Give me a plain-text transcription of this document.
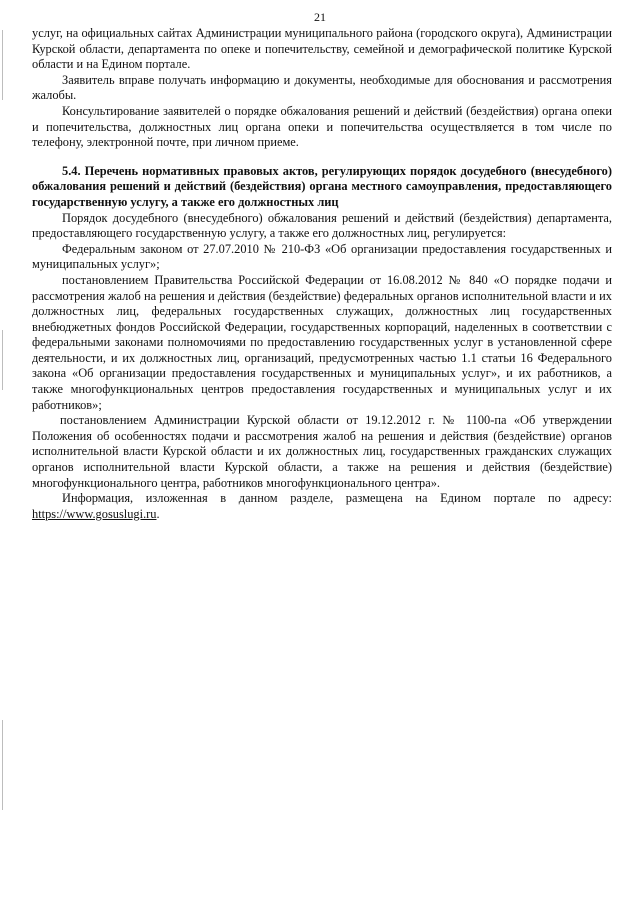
21

услуг, на официальных сайтах Администрации муниципального района (городского округа), Администрации Курской области, департамента по опеке и попечительству, семейной и демографической политике Курской области и на Едином портале.

Заявитель вправе получать информацию и документы, необходимые для обоснования и рассмотрения жалобы.

Консультирование заявителей о порядке обжалования решений и действий (бездействия) органа опеки и попечительства, должностных лиц органа опеки и попечительства осуществляется в том числе по телефону, электронной почте, при личном приеме.

5.4. Перечень нормативных правовых актов, регулирующих порядок досудебного (внесудебного) обжалования решений и действий (бездействия) органа местного самоуправления, предоставляющего государственную услугу, а также его должностных лиц

Порядок досудебного (внесудебного) обжалования решений и действий (бездействия) департамента, предоставляющего государственную услугу, а также его должностных лиц, регулируется:

Федеральным законом от 27.07.2010 № 210-ФЗ «Об организации предоставления государственных и муниципальных услуг»;

постановлением Правительства Российской Федерации от 16.08.2012 № 840 «О порядке подачи и рассмотрения жалоб на решения и действия (бездействие) федеральных органов исполнительной власти и их должностных лиц, федеральных государственных служащих, должностных лиц государственных внебюджетных фондов Российской Федерации, государственных корпораций, наделенных в соответствии с федеральными законами полномочиями по предоставлению государственных услуг в установленной сфере деятельности, и их должностных лиц, организаций, предусмотренных частью 1.1 статьи 16 Федерального закона «Об организации предоставления государственных и муниципальных услуг», и их работников, а также многофункциональных центров предоставления государственных и муниципальных услуг и их работников»;

постановлением Администрации Курской области от 19.12.2012 г. № 1100-па «Об утверждении Положения об особенностях подачи и рассмотрения жалоб на решения и действия (бездействие) органов исполнительной власти Курской области и их должностных лиц, государственных гражданских служащих органов исполнительной власти Курской области, а также на решения и действия (бездействие) многофункционального центра, работников многофункционального центра».

Информация, изложенная в данном разделе, размещена на Едином портале по адресу: https://www.gosuslugi.ru.
